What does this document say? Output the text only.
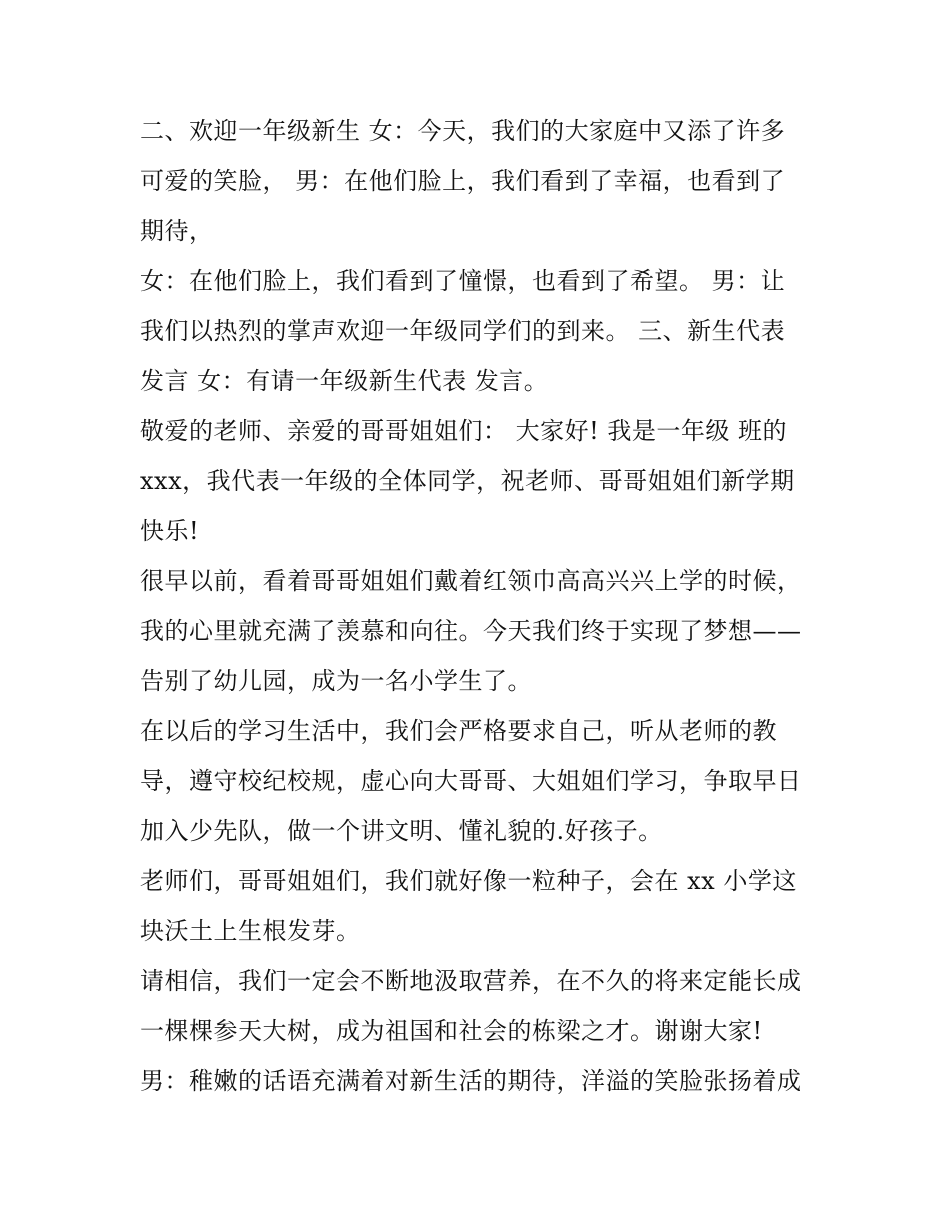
二、欢迎一年级新生 女：今天，我们的大家庭中又添了许多
可爱的笑脸， 男：在他们脸上，我们看到了幸福，也看到了
期待，
女：在他们脸上，我们看到了憧憬，也看到了希望。 男：让
我们以热烈的掌声欢迎一年级同学们的到来。 三、新生代表
发言 女：有请一年级新生代表 发言。
敬爱的老师、亲爱的哥哥姐姐们： 大家好! 我是一年级 班的
xxx，我代表一年级的全体同学，祝老师、哥哥姐姐们新学期
快乐!
很早以前，看着哥哥姐姐们戴着红领巾高高兴兴上学的时候，
我的心里就充满了羡慕和向往。今天我们终于实现了梦想——
告别了幼儿园，成为一名小学生了。
在以后的学习生活中，我们会严格要求自己，听从老师的教
导，遵守校纪校规，虚心向大哥哥、大姐姐们学习，争取早日
加入少先队，做一个讲文明、懂礼貌的.好孩子。
老师们，哥哥姐姐们，我们就好像一粒种子，会在 xx 小学这
块沃土上生根发芽。
请相信，我们一定会不断地汲取营养，在不久的将来定能长成
一棵棵参天大树，成为祖国和社会的栋梁之才。谢谢大家!
男：稚嫩的话语充满着对新生活的期待，洋溢的笑脸张扬着成
